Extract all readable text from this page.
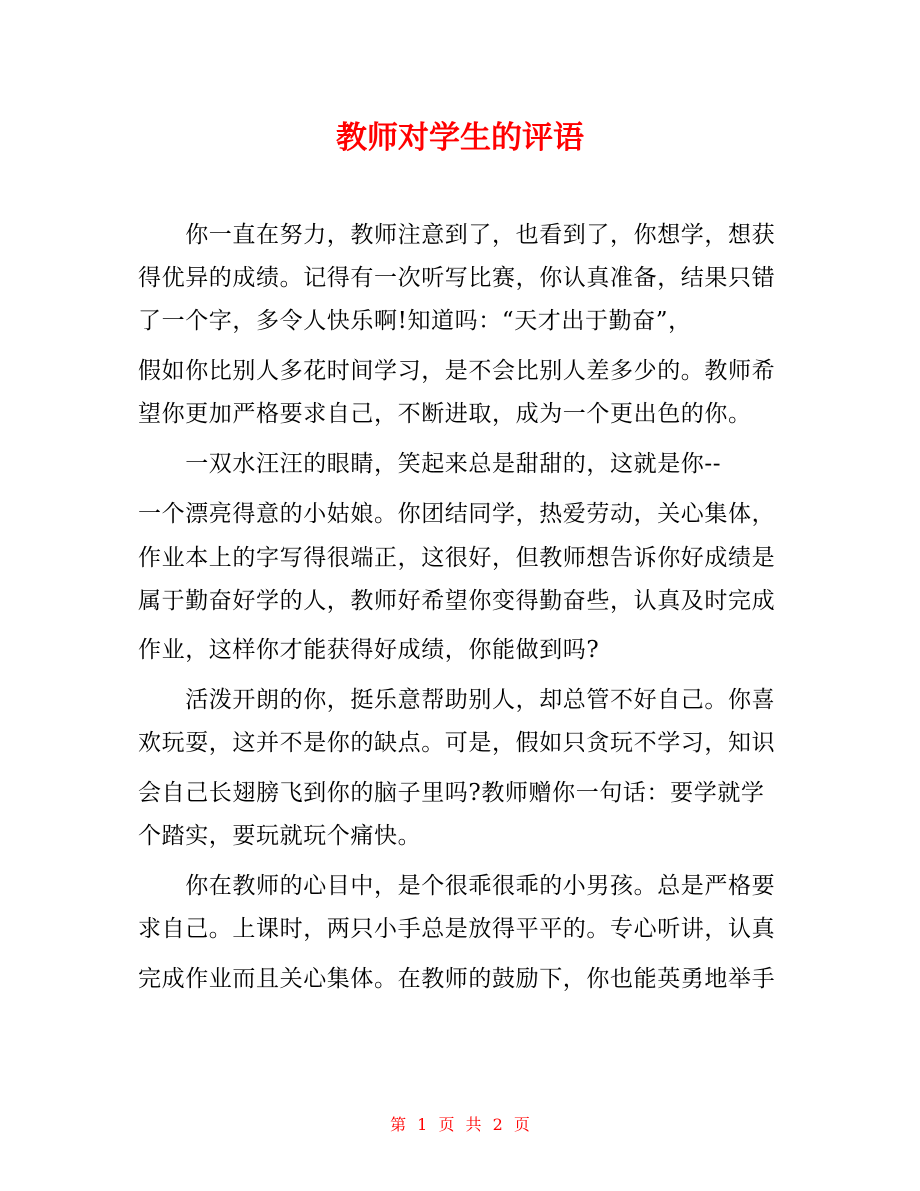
教师对学生的评语
　　你一直在努力，教师注意到了，也看到了，你想学，想获
得优异的成绩。记得有一次听写比赛，你认真准备，结果只错
了一个字，多令人快乐啊!知道吗：“天才出于勤奋”，
假如你比别人多花时间学习，是不会比别人差多少的。教师希
望你更加严格要求自己，不断进取，成为一个更出色的你。
　　一双水汪汪的眼睛，笑起来总是甜甜的，这就是你--
一个漂亮得意的小姑娘。你团结同学，热爱劳动，关心集体，
作业本上的字写得很端正，这很好，但教师想告诉你好成绩是
属于勤奋好学的人，教师好希望你变得勤奋些，认真及时完成
作业，这样你才能获得好成绩，你能做到吗?
　　活泼开朗的你，挺乐意帮助别人，却总管不好自己。你喜
欢玩耍，这并不是你的缺点。可是，假如只贪玩不学习，知识
会自己长翅膀飞到你的脑子里吗?教师赠你一句话：要学就学
个踏实，要玩就玩个痛快。
　　你在教师的心目中，是个很乖很乖的小男孩。总是严格要
求自己。上课时，两只小手总是放得平平的。专心听讲，认真
完成作业而且关心集体。在教师的鼓励下，你也能英勇地举手
第 1 页 共 2 页
